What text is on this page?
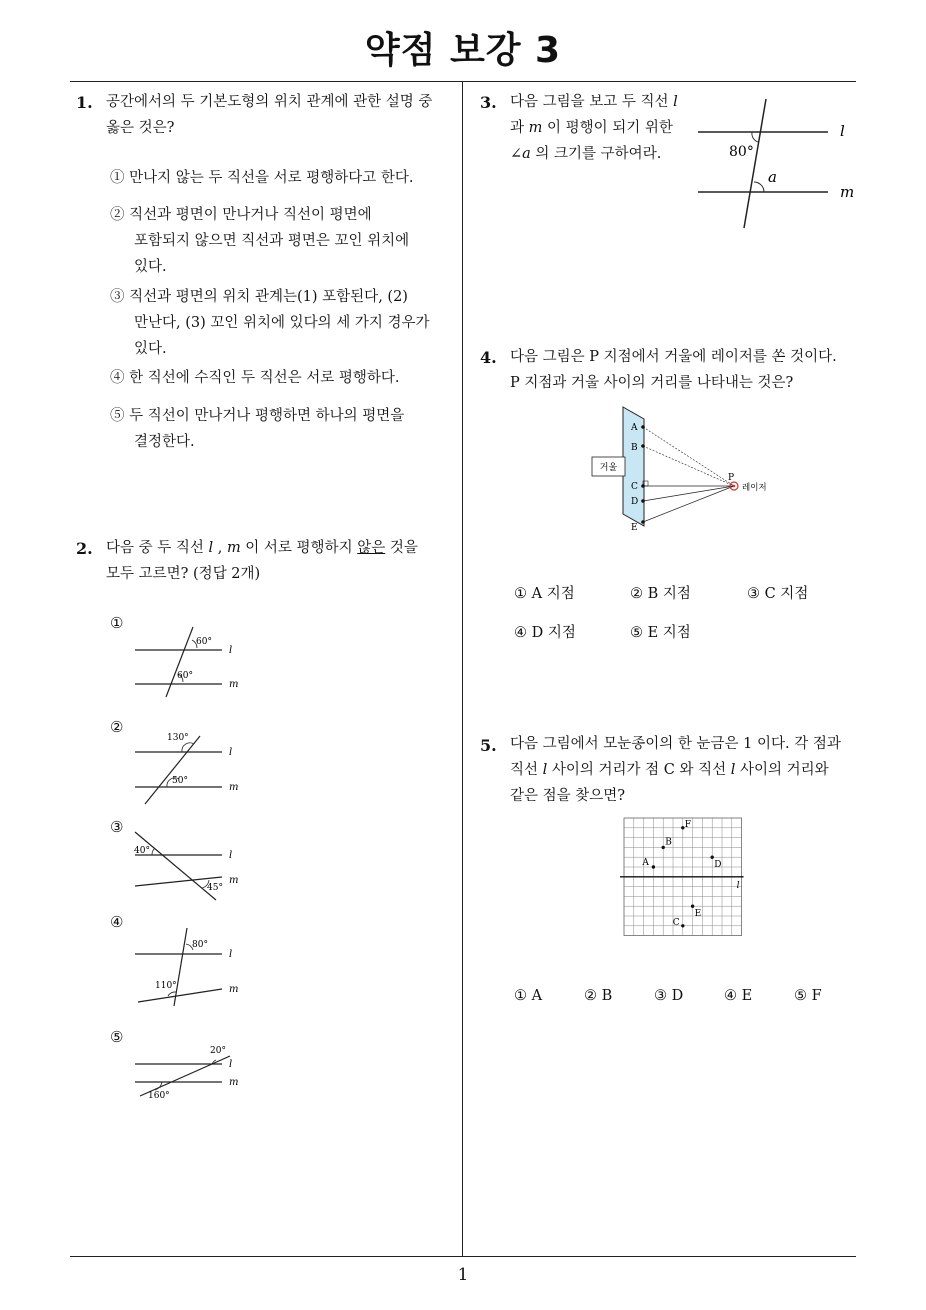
약점 보강 3
1
1. 공간에서의 두 기본도형의 위치 관계에 관한 설명 중
옳은 것은?
① 만나지 않는 두 직선을 서로 평행하다고 한다.
② 직선과 평면이 만나거나 직선이 평면에
포함되지 않으면 직선과 평면은 꼬인 위치에
있다.
③ 직선과 평면의 위치 관계는(1) 포함된다, (2)
만난다, (3) 꼬인 위치에 있다의 세 가지 경우가
있다.
④ 한 직선에 수직인 두 직선은 서로 평행하다.
⑤ 두 직선이 만나거나 평행하면 하나의 평면을
결정한다.
2. 다음 중 두 직선 l , m 이 서로 평행하지 않은 것을
모두 고르면? (정답 2개)
①
60°
60°
l
m
②
130°
50°
l
m
③
40°
45°
l
m
④
80°
110°
l
m
⑤
20°
160°
l
m
3. 다음 그림을 보고 두 직선 l
과 m 이 평행이 되기 위한
∠a 의 크기를 구하여라.	80°
a
l
m
4. 다음 그림은 P 지점에서 거울에 레이저를 쏜 것이다.
P 지점과 거울 사이의 거리를 나타내는 것은?
거울
A
B
C
D
E
P
레이저
① A 지점	② B 지점	③ C 지점
④ D 지점	⑤ E 지점
5. 다음 그림에서 모눈종이의 한 눈금은 1 이다. 각 점과
직선 l 사이의 거리가 점 C 와 직선 l 사이의 거리와
같은 점을 찾으면?
A
B
C
D
E
F
l
① A	② B	③ D	④ E	⑤ F
